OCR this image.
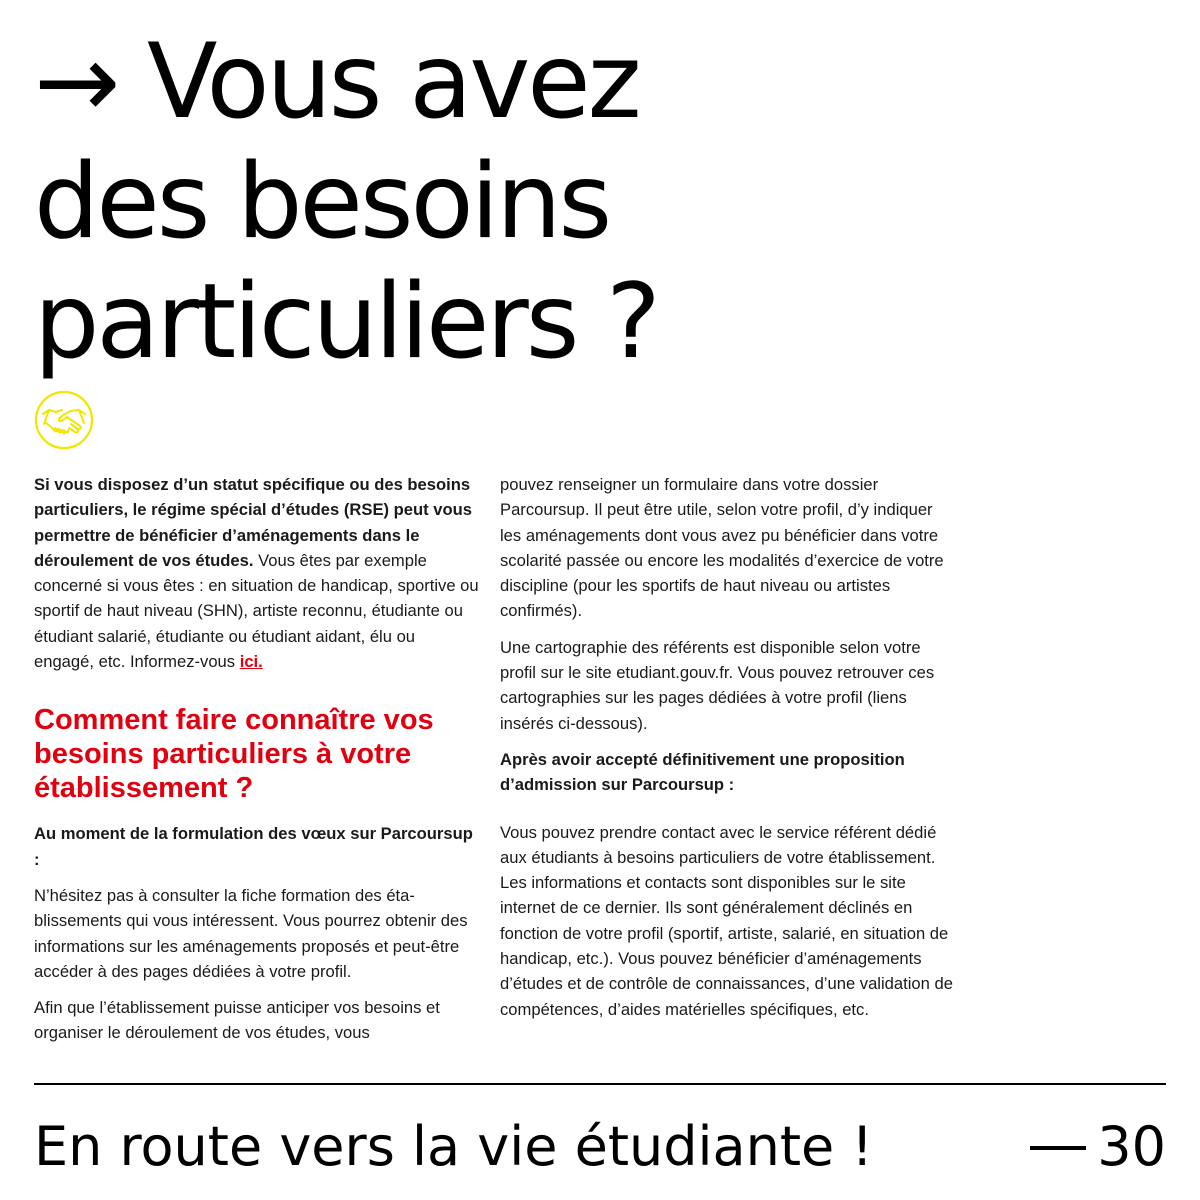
→ Vous avez
des besoins
particuliers ?

Si vous disposez d’un statut spécifique ou des besoins particuliers, le régime spécial d’études (RSE) peut vous permettre de bénéficier d’aménagements dans le déroulement de vos études. Vous êtes par exemple concerné si vous êtes : en situation de handicap, sportive ou sportif de haut niveau (SHN), artiste reconnu, étudiante ou étudiant salarié, étudiante ou étudiant aidant, élu ou engagé, etc. Informez-vous ici.

Comment faire connaître vos besoins particuliers à votre établissement ?

Au moment de la formulation des vœux sur Parcoursup :

N’hésitez pas à consulter la fiche formation des éta-blissements qui vous intéressent. Vous pourrez obtenir des informations sur les aménagements proposés et peut-être accéder à des pages dédiées à votre profil.

Afin que l’établissement puisse anticiper vos besoins et organiser le déroulement de vos études, vous

pouvez renseigner un formulaire dans votre dossier Parcoursup. Il peut être utile, selon votre profil, d’y indiquer les aménagements dont vous avez pu bénéficier dans votre scolarité passée ou encore les modalités d’exercice de votre discipline (pour les sportifs de haut niveau ou artistes confirmés).

Une cartographie des référents est disponible selon votre profil sur le site etudiant.gouv.fr. Vous pouvez retrouver ces cartographies sur les pages dédiées à votre profil (liens insérés ci-dessous).

Après avoir accepté définitivement une proposition d’admission sur Parcoursup :

Vous pouvez prendre contact avec le service référent dédié aux étudiants à besoins particuliers de votre établissement. Les informations et contacts sont disponibles sur le site internet de ce dernier. Ils sont généralement déclinés en fonction de votre profil (sportif, artiste, salarié, en situation de handicap, etc.). Vous pouvez bénéficier d’aménagements d’études et de contrôle de connaissances, d’une validation de compétences, d’aides matérielles spécifiques, etc.

En route vers la vie étudiante !	30
